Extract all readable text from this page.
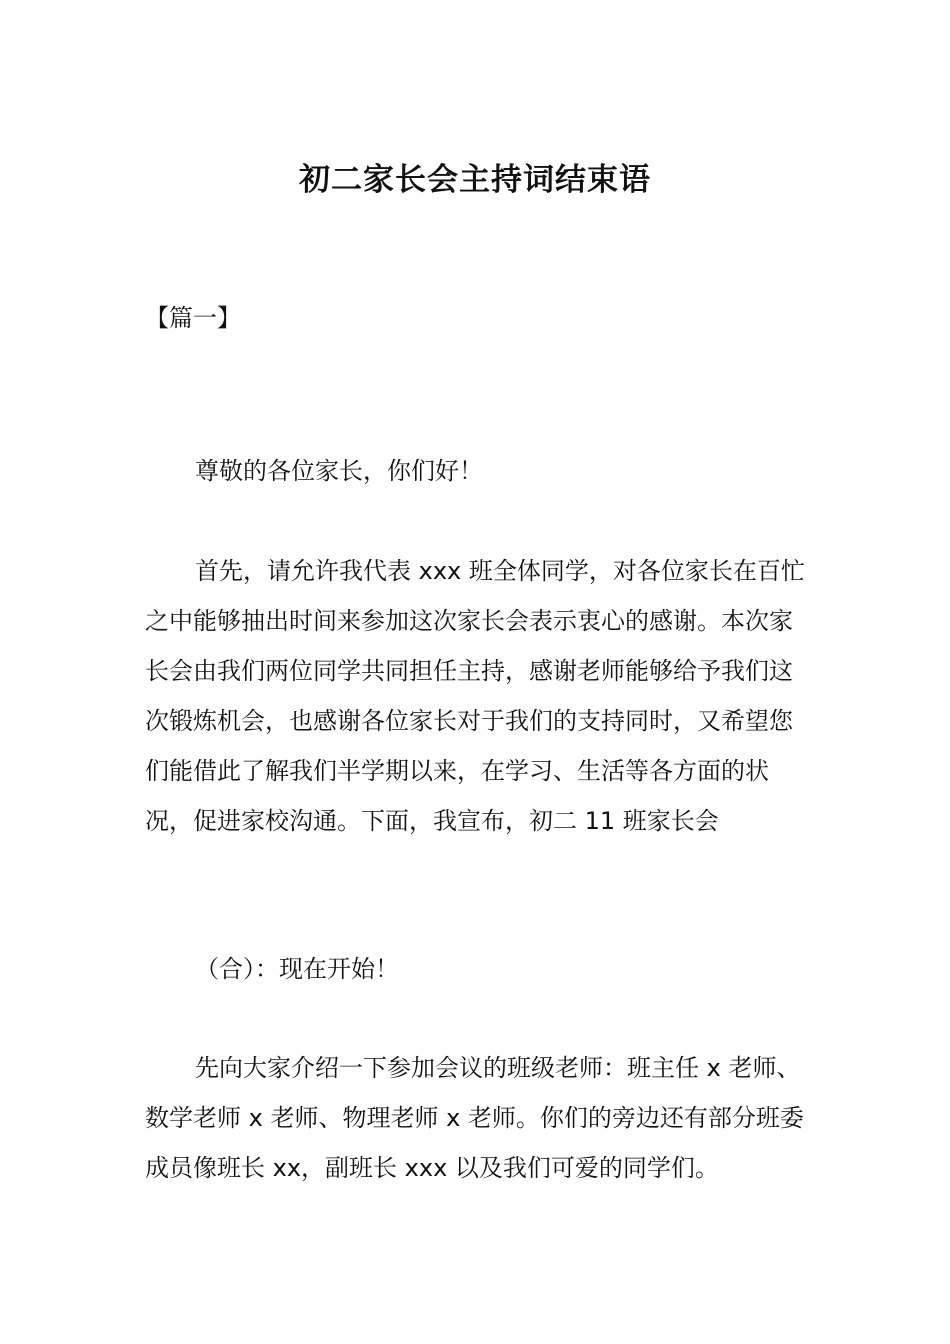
初二家长会主持词结束语
【篇一】

尊敬的各位家长，你们好！

首先，请允许我代表 xxx 班全体同学，对各位家长在百忙之中能够抽出时间来参加这次家长会表示衷心的感谢。本次家长会由我们两位同学共同担任主持，感谢老师能够给予我们这次锻炼机会，也感谢各位家长对于我们的支持同时，又希望您们能借此了解我们半学期以来，在学习、生活等各方面的状况，促进家校沟通。下面，我宣布，初二 11 班家长会

（合）：现在开始！

先向大家介绍一下参加会议的班级老师：班主任 x 老师、数学老师 x 老师、物理老师 x 老师。你们的旁边还有部分班委成员像班长 xx，副班长 xxx 以及我们可爱的同学们。
